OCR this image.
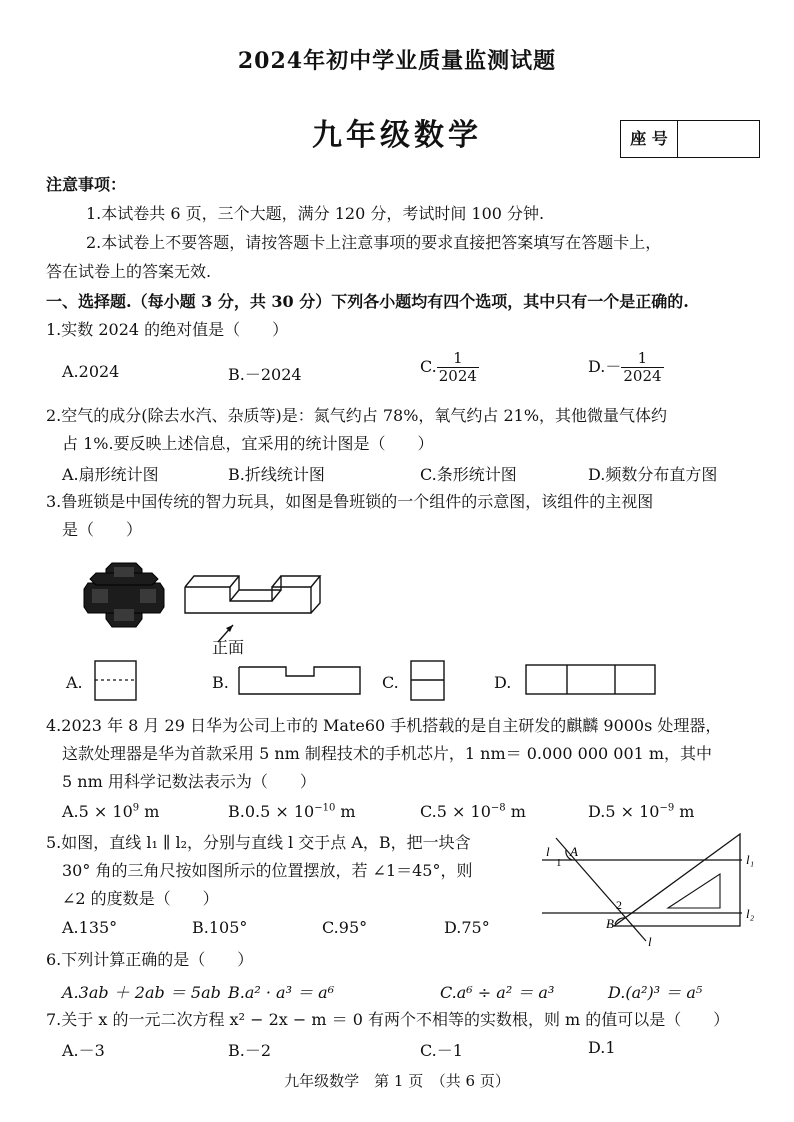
2024年初中学业质量监测试题
九年级数学	座 号
注意事项：
1.本试卷共 6 页，三个大题，满分 120 分，考试时间 100 分钟.
2.本试卷上不要答题，请按答题卡上注意事项的要求直接把答案填写在答题卡上，
答在试卷上的答案无效.
一、选择题.（每小题 3 分，共 30 分）下列各小题均有四个选项，其中只有一个是正确的.
1.实数 2024 的绝对值是（　　）
A.2024	B.－2024	C. $\frac{1}{2024}$	$D.- \frac{1}{2024}$
2.空气的成分(除去水汽、杂质等)是：氮气约占 78%，氧气约占 21%，其他微量气体约
占 1%.要反映上述信息，宜采用的统计图是（　　）
A.扇形统计图	B.折线统计图	C.条形统计图	D.频数分布直方图
3.鲁班锁是中国传统的智力玩具，如图是鲁班锁的一个组件的示意图，该组件的主视图
是（　　）
正面
A.	B.	C.	D.
4.2023 年 8 月 29 日华为公司上市的 Mate60 手机搭载的是自主研发的麒麟 9000s 处理器，
这款处理器是华为首款采用 5 nm 制程技术的手机芯片，1 nm＝ 0.000 000 001 m，其中
5 nm 用科学记数法表示为（　　）
$A.5 \times 10^9$ m	$B.0.5 \times 10^{-10}$ m	$C.5 \times 10^{-8}$ m	$D.5 \times 10^{-9}$ m
5.如图，直线 l₁ ∥ l₂，分别与直线 l 交于点 A，B，把一块含
30° 角的三角尺按如图所示的位置摆放，若 ∠1＝45°，则
∠2 的度数是（　　）
A.135°	B.105°	C.95°	D.75°
l A
1	l₁
l₂
2
B
l
6.下列计算正确的是（　　）
A.3ab ＋ 2ab ＝ 5ab B.a² · a³ ＝ a⁶	C.a⁶ ÷ a² ＝ a³	D.(a²)³ ＝ a⁵
7.关于 x 的一元二次方程 x² − 2x − m ＝ 0 有两个不相等的实数根，则 m 的值可以是（　　）
A.－3	B.－2	C.－1	D.1
九年级数学　第 1 页　（共 6 页）
